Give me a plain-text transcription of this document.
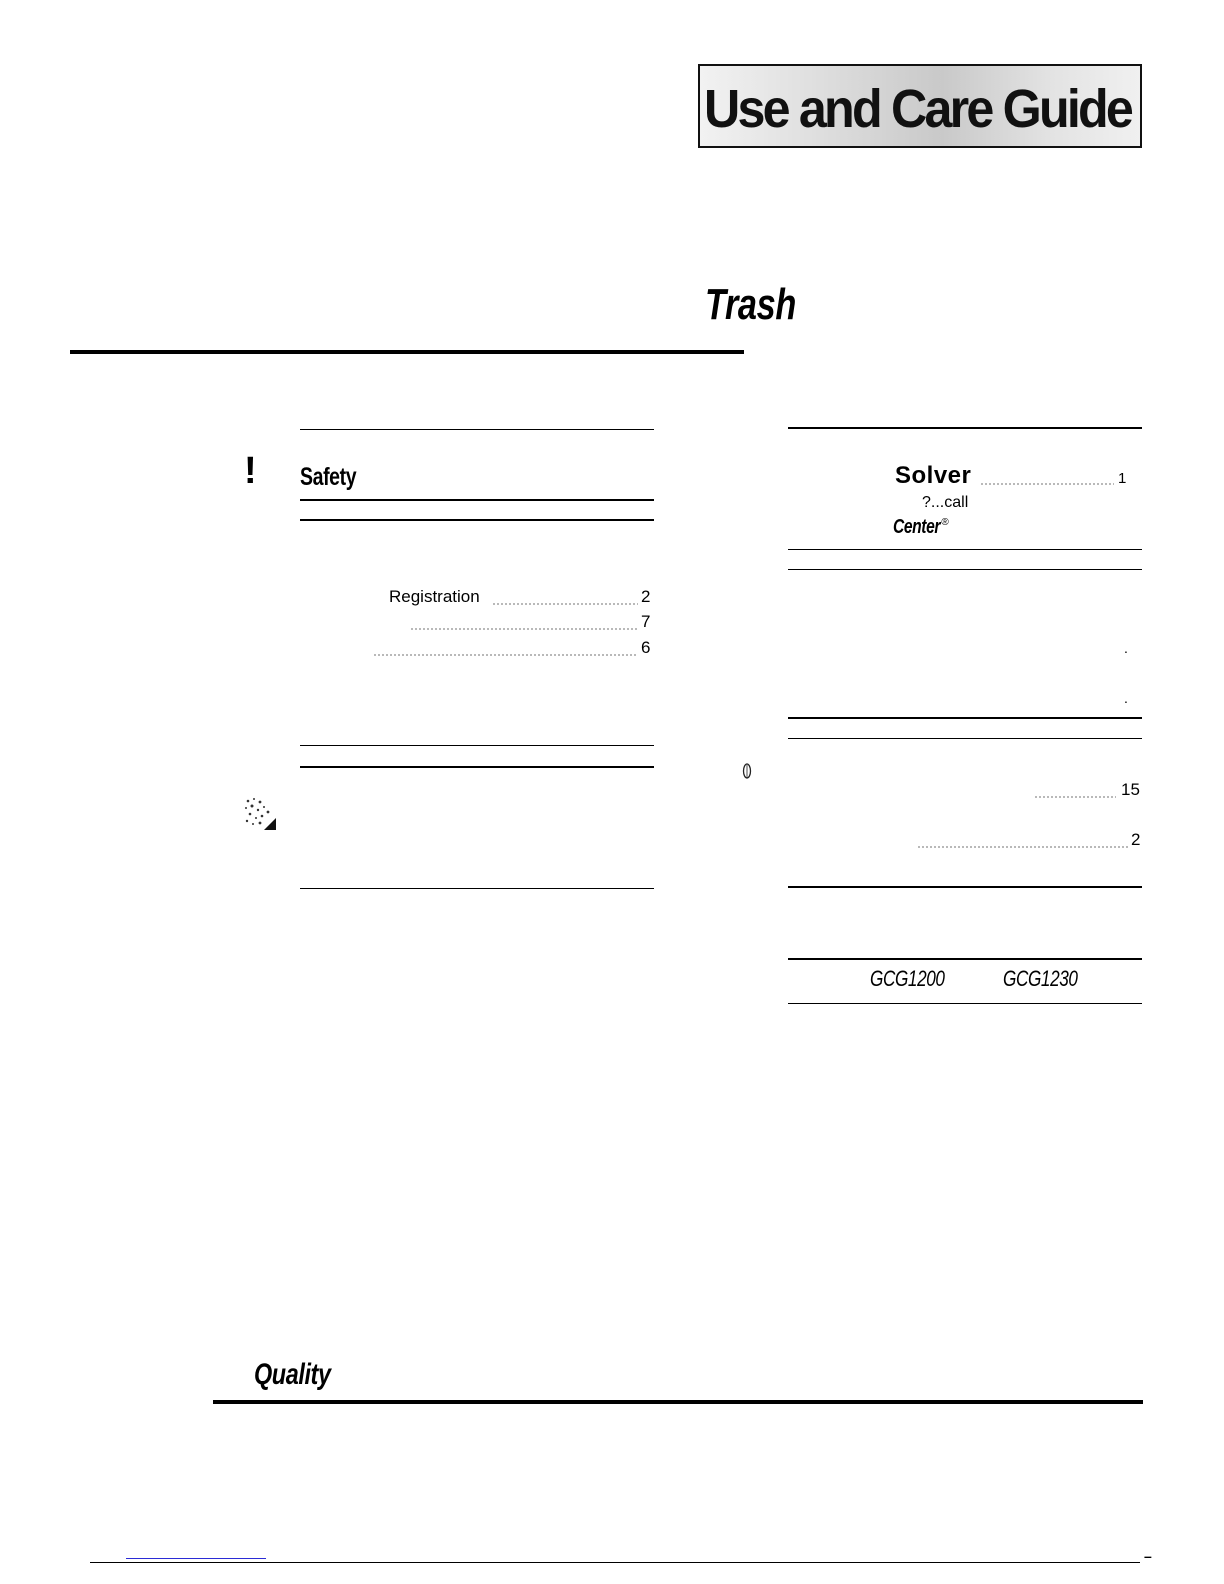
Use and Care Guide
Trash
! Safety
Registration	2
7
6
Solver	1
?...call
Center®
.
.
15
2
GCG1200	GCG1230
Quality
–
